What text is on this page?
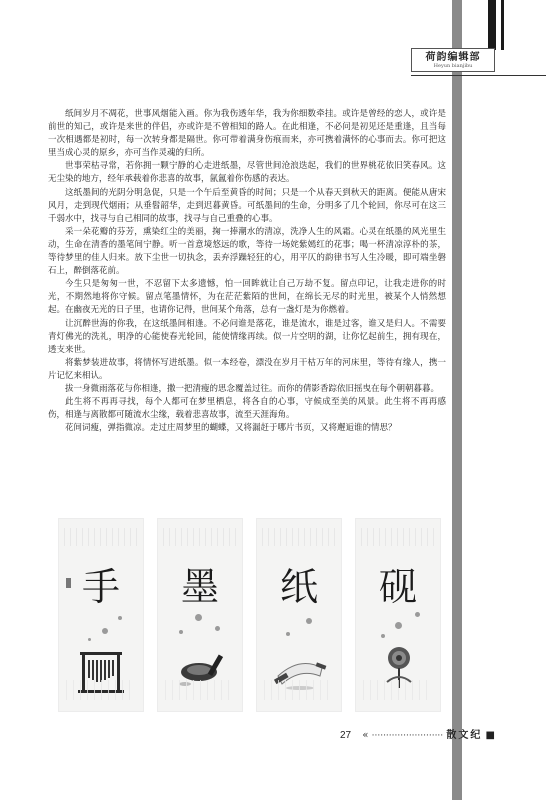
荷韵编辑部
Heyun bianjibu

纸间岁月不凋花，世事风烟能入画。你为我伤透年华，我为你细数牵挂。或许是曾经的恋人，或许是前世的知己，或许是来世的伴侣，亦或许是不曾相知的路人。在此相逢，不必问是初见还是重逢，且当每一次相遇都是初时，每一次转身都是隔世。你可带着满身伤痕而来，亦可携着满怀的心事而去。你可把这里当成心灵的原乡，亦可当作灵魂的归所。

世事荣枯寻常，若你拥一颗宁静的心走进纸墨，尽管世间沧浪迭起，我们的世界桃花依旧笑春风。这无尘染的地方，经年承载着你悲喜的故事，氤氲着你伤感的表达。

这纸墨间的光阴分明急促，只是一个午后至黄昏的时间；只是一个从春天到秋天的距离。便能从唐宋风月，走到现代烟雨；从垂髫韶华，走到迟暮黄昏。可纸墨间的生命，分明多了几个轮回，你尽可在这三千弱水中，找寻与自己相同的故事，找寻与自己重叠的心事。

采一朵花瓣的芬芳，熏染红尘的美丽，掬一捧潮水的清凉，洗净人生的风霜。心灵在纸墨的风光里生动，生命在清香的墨笔间宁静。听一首意境悠远的歌，等待一场姹紫嫣红的花事；喝一杯清凉淳朴的茶，等待梦里的佳人归来。放下尘世一切执念，丢弃浮躁轻狂的心，用平仄的韵律书写人生冷暖，即可端坐磐石上，醉倒落花前。

今生只是匆匆一世，不忍留下太多遗憾，怕一回眸就让自己万劫不复。留点印记，让我走进你的时光，不期然地将你守候。留点笔墨情怀，为在茫茫紫陌的世间，在绵长无尽的时光里，被某个人悄然想起。在幽夜无光的日子里，也请你记得，世间某个角落，总有一盏灯是为你燃着。

让沉醉世海的你我，在这纸墨间相逢。不必问谁是落花，谁是流水，谁是过客，谁又是归人。不需要青灯佛光的洗礼，明净的心能使春光轮回，能使情缘再续。似一片空明的湖，让你忆起前生，拥有现在，透支来世。

将紫梦装进故事，将情怀写进纸墨。似一本经卷，漂没在岁月干枯万年的河床里，等待有缘人，携一片记忆来相认。

拔一身微雨落花与你相逢，撒一把清瘦的思念覆盖过往。而你的倩影香踪依旧摇曳在每个朝朝暮暮。

此生将不再再寻找，每个人都可在梦里栖息，将各自的心事，守候成至美的风景。此生将不再再感伤，相逢与离散都可随流水尘缘，载着悲喜故事，流至天涯海角。

花间词瘦，弹指微凉。走过庄周梦里的蝴蝶，又将漏赶于哪片书页，又将邂逅谁的情思？

手	墨	纸	砚
27 « ························· 散文纪 ■
